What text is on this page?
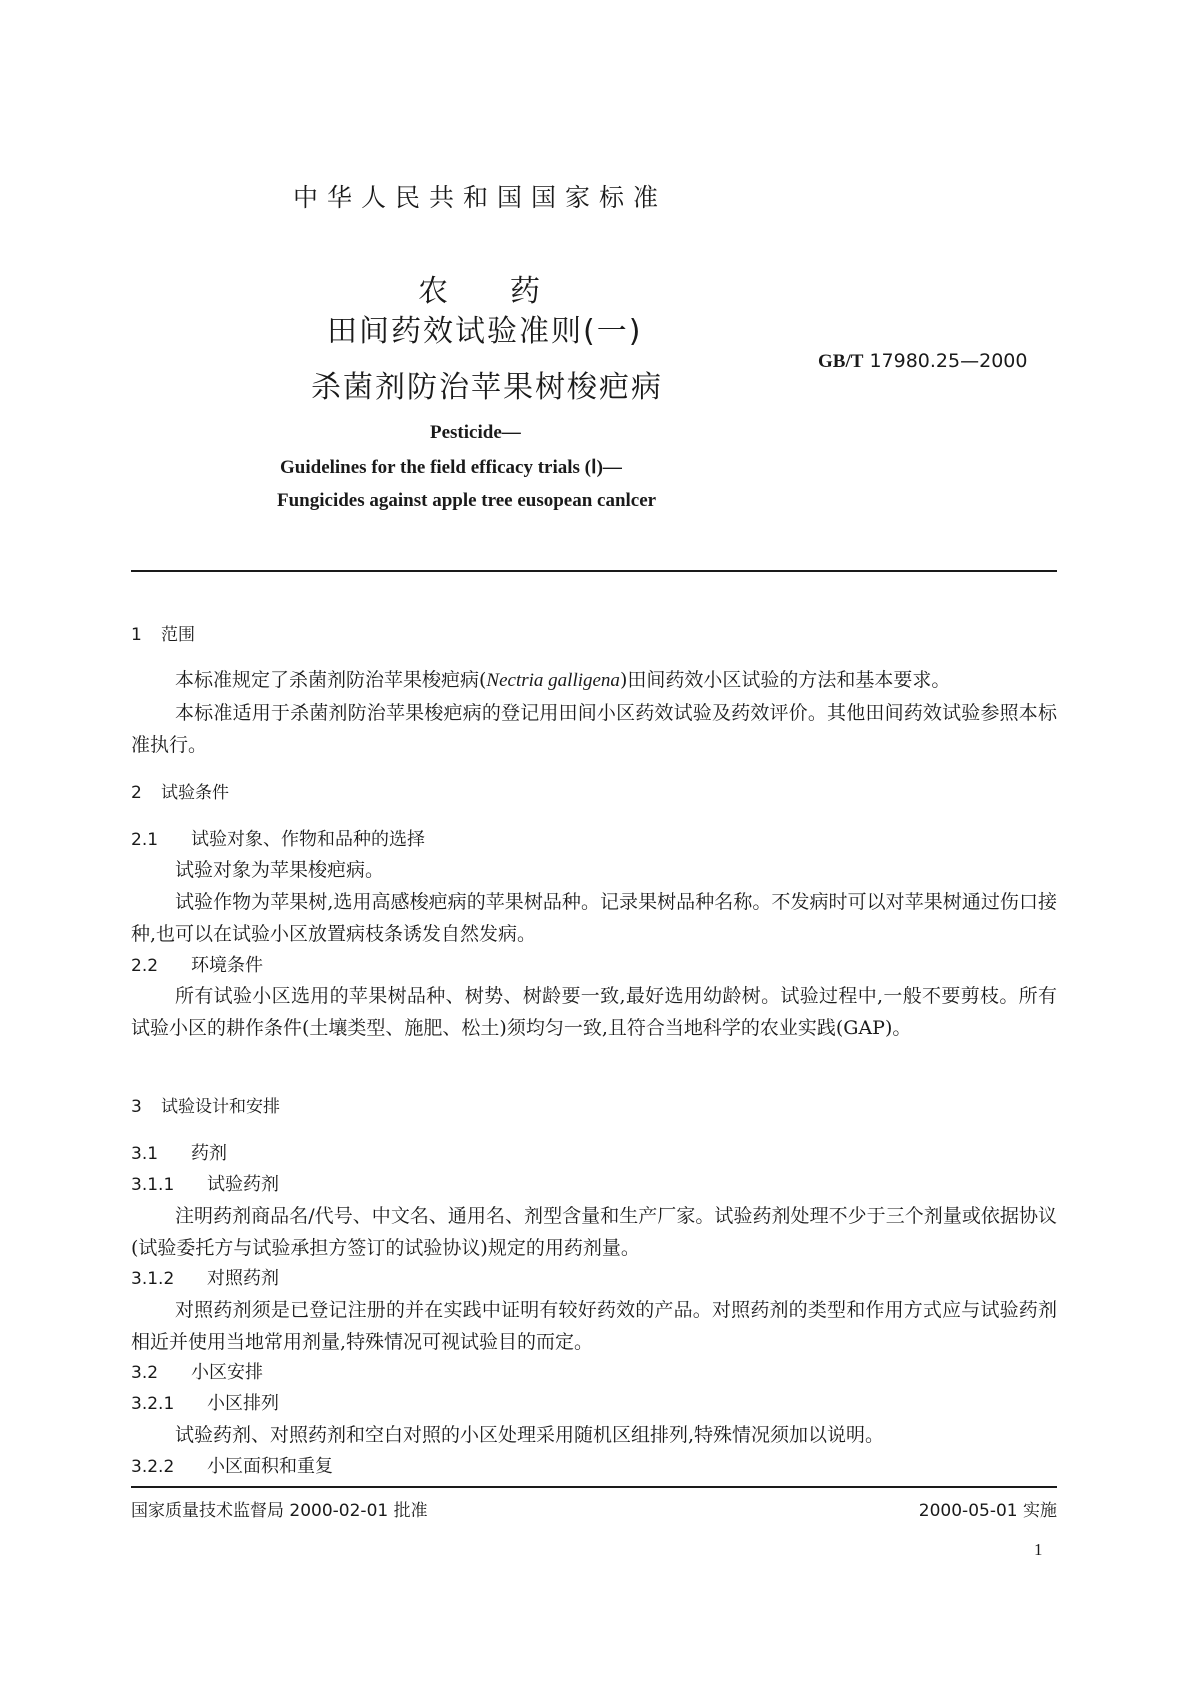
中华人民共和国国家标准
农 药
田间药效试验准则(一)
杀菌剂防治苹果树梭疤病
GB/T 17980.25—2000
Pesticide—
Guidelines for the field efficacy trials (Ⅰ)—
Fungicides against apple tree eusopean canlcer
1 范围
本标准规定了杀菌剂防治苹果梭疤病(Nectria galligena)田间药效小区试验的方法和基本要求。
本标准适用于杀菌剂防治苹果梭疤病的登记用田间小区药效试验及药效评价。其他田间药效试验参照本标准执行。
2 试验条件
2.1 试验对象、作物和品种的选择
试验对象为苹果梭疤病。
试验作物为苹果树,选用高感梭疤病的苹果树品种。记录果树品种名称。不发病时可以对苹果树通过伤口接种,也可以在试验小区放置病枝条诱发自然发病。
2.2 环境条件
所有试验小区选用的苹果树品种、树势、树龄要一致,最好选用幼龄树。试验过程中,一般不要剪枝。所有试验小区的耕作条件(土壤类型、施肥、松土)须均匀一致,且符合当地科学的农业实践(GAP)。
3 试验设计和安排
3.1 药剂
3.1.1 试验药剂
注明药剂商品名/代号、中文名、通用名、剂型含量和生产厂家。试验药剂处理不少于三个剂量或依据协议(试验委托方与试验承担方签订的试验协议)规定的用药剂量。
3.1.2 对照药剂
对照药剂须是已登记注册的并在实践中证明有较好药效的产品。对照药剂的类型和作用方式应与试验药剂相近并使用当地常用剂量,特殊情况可视试验目的而定。
3.2 小区安排
3.2.1 小区排列
试验药剂、对照药剂和空白对照的小区处理采用随机区组排列,特殊情况须加以说明。
3.2.2 小区面积和重复
国家质量技术监督局 2000-02-01 批准	2000-05-01 实施
1
